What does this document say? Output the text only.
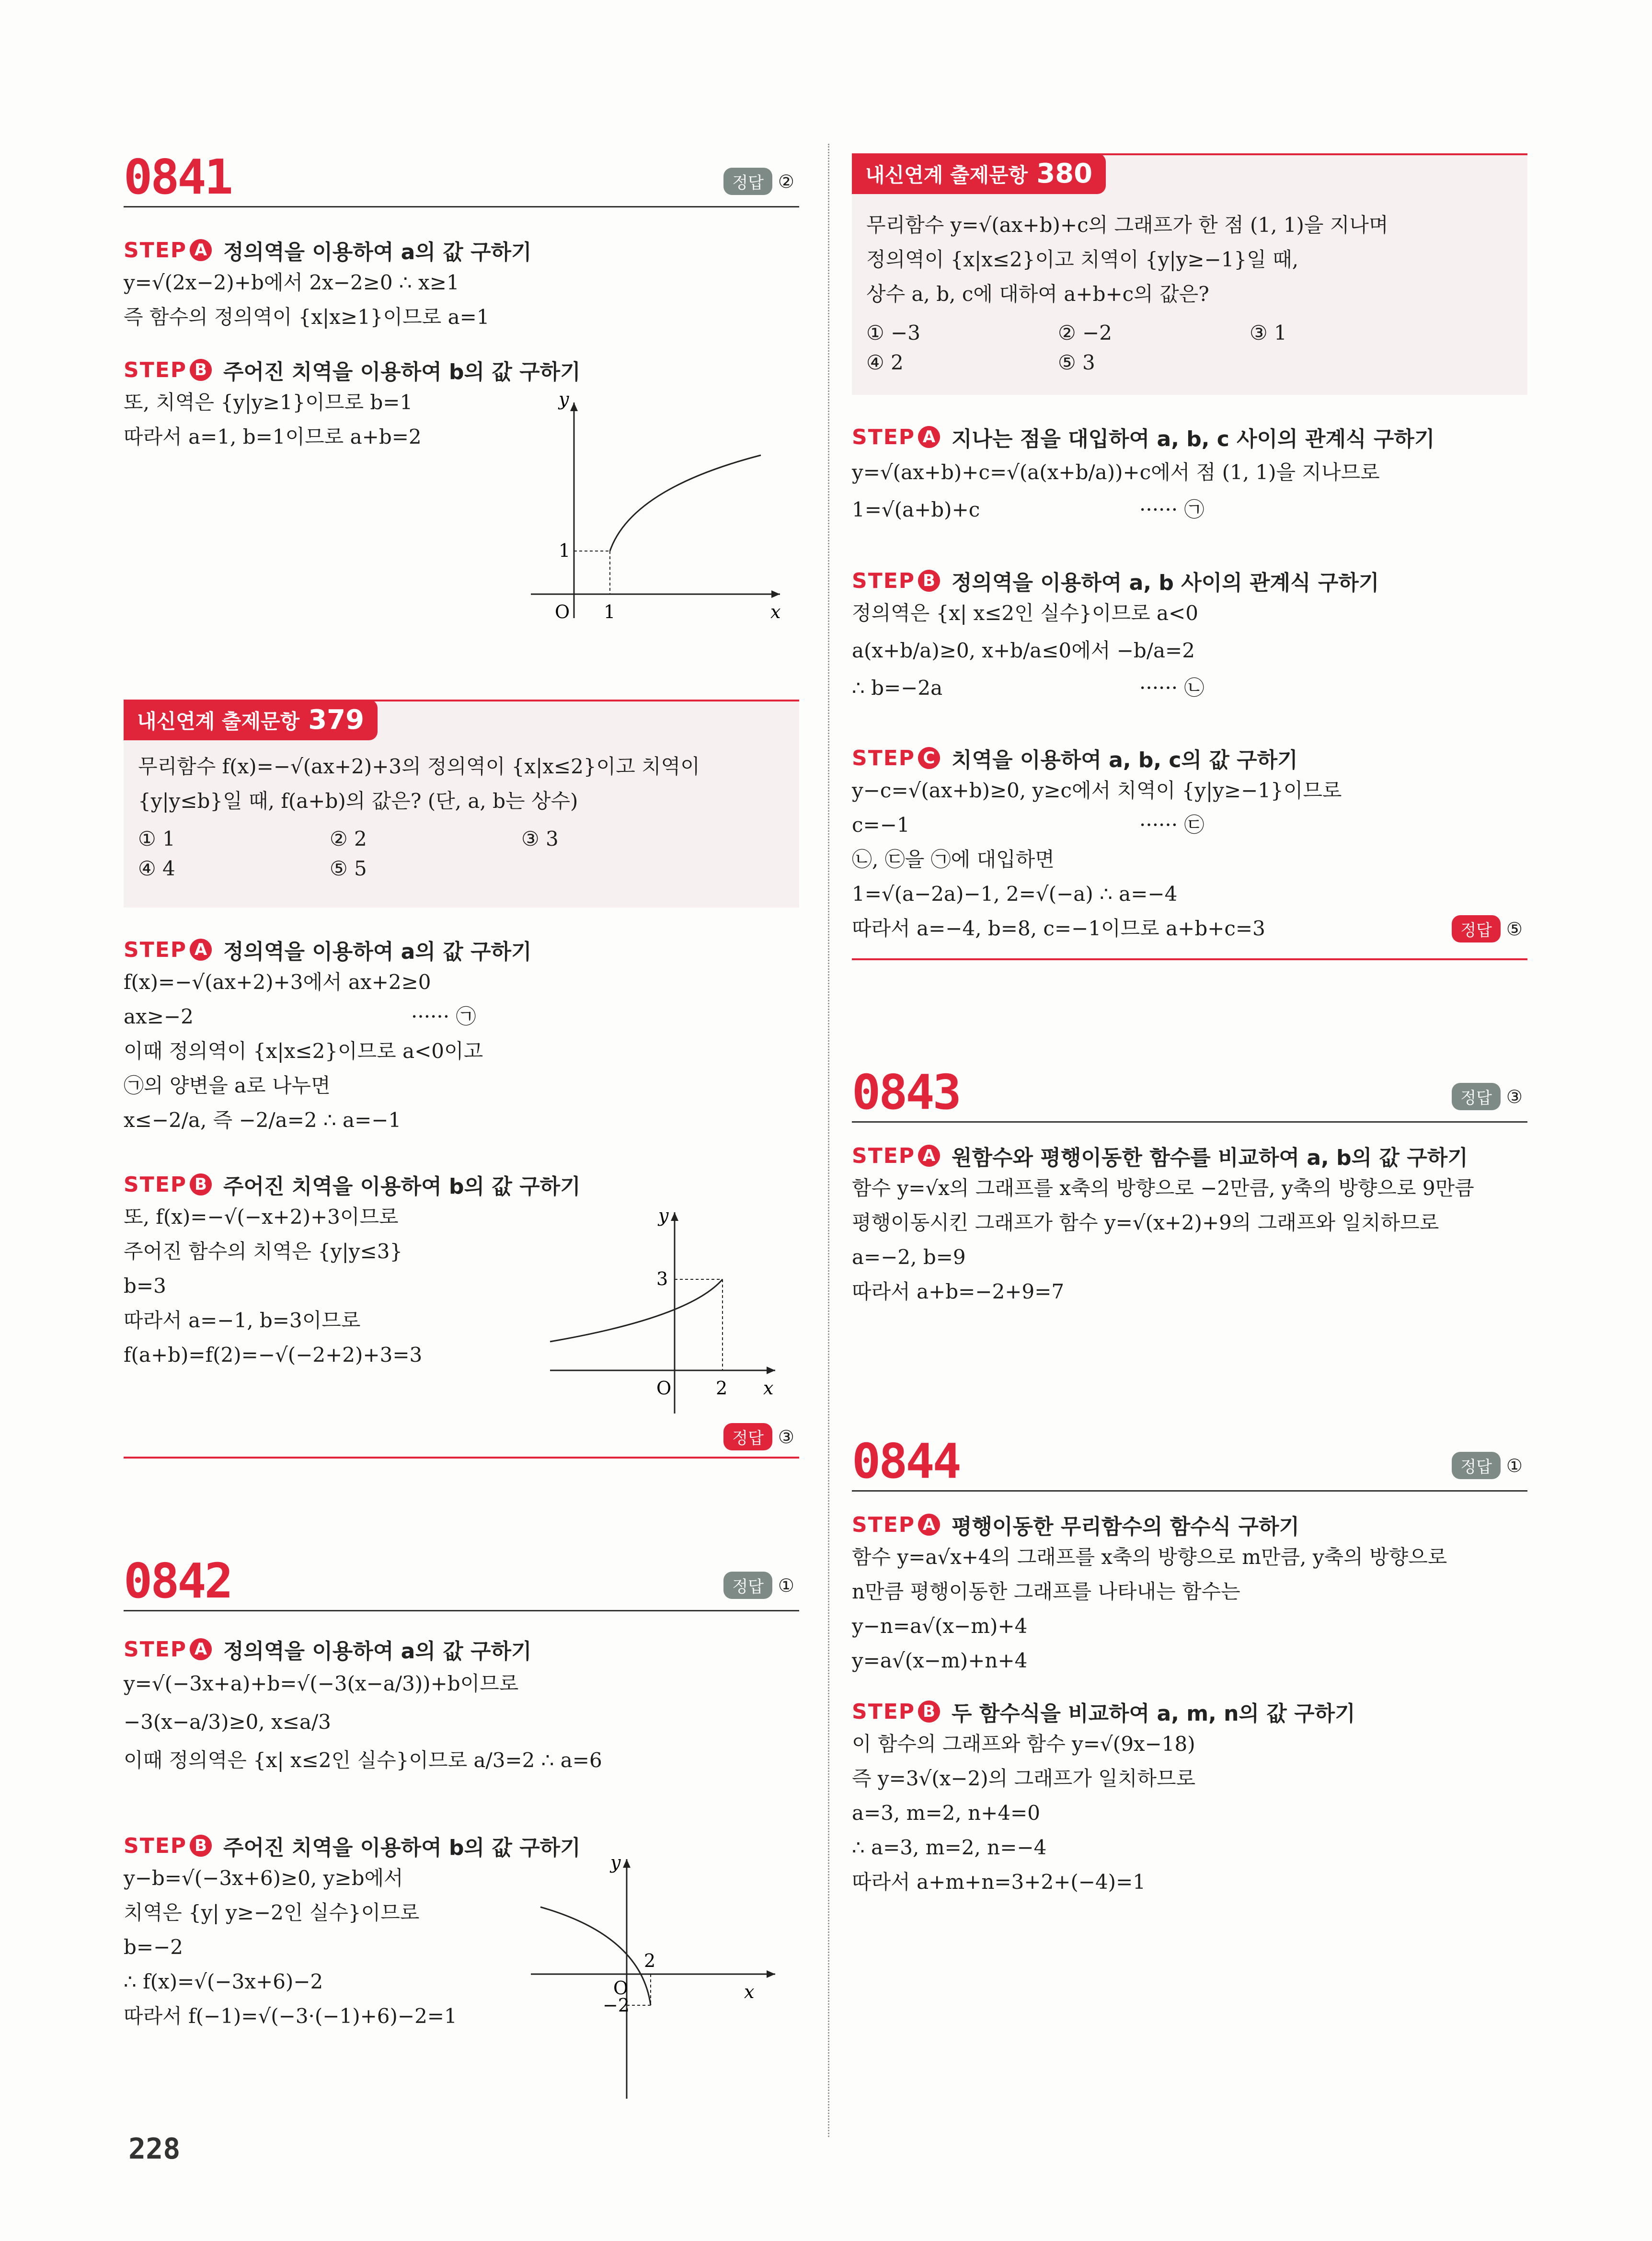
0841	정답 ②
STEP A 정의역을 이용하여 a의 값 구하기
y=√(2x−2)+b에서 2x−2≥0 ∴ x≥1
즉 함수의 정의역이 {x|x≥1}이므로 a=1
STEP B 주어진 치역을 이용하여 b의 값 구하기
또, 치역은 {y|y≥1}이므로 b=1
따라서 a=1, b=1이므로 a+b=2
y
x
O 1
1
내신연계 출제문항 379
무리함수 f(x)=−√(ax+2)+3의 정의역이 {x|x≤2}이고 치역이
{y|y≤b}일 때, f(a+b)의 값은? (단, a, b는 상수)
① 1	② 2	③ 3
④ 4	⑤ 5
STEP A 정의역을 이용하여 a의 값 구하기
f(x)=−√(ax+2)+3에서 ax+2≥0
ax≥−2	······ ㉠
이때 정의역이 {x|x≤2}이므로 a<0이고
㉠의 양변을 a로 나누면
x≤−2/a, 즉 −2/a=2 ∴ a=−1
STEP B 주어진 치역을 이용하여 b의 값 구하기
또, f(x)=−√(−x+2)+3이므로
주어진 함수의 치역은 {y|y≤3}
b=3
따라서 a=−1, b=3이므로
f(a+b)=f(2)=−√(−2+2)+3=3
y
x
O 2
3
정답 ③
0842	정답 ①
STEP A 정의역을 이용하여 a의 값 구하기
y=√(−3x+a)+b=√(−3(x−a/3))+b이므로
−3(x−a/3)≥0, x≤a/3
이때 정의역은 {x| x≤2인 실수}이므로 a/3=2 ∴ a=6
STEP B 주어진 치역을 이용하여 b의 값 구하기
y−b=√(−3x+6)≥0, y≥b에서
치역은 {y| y≥−2인 실수}이므로
b=−2
∴ f(x)=√(−3x+6)−2
따라서 f(−1)=√(−3·(−1)+6)−2=1
y
x
O
2
−2
내신연계 출제문항 380
무리함수 y=√(ax+b)+c의 그래프가 한 점 (1, 1)을 지나며
정의역이 {x|x≤2}이고 치역이 {y|y≥−1}일 때,
상수 a, b, c에 대하여 a+b+c의 값은?
① −3	② −2	③ 1
④ 2	⑤ 3
STEP A 지나는 점을 대입하여 a, b, c 사이의 관계식 구하기
y=√(ax+b)+c=√(a(x+b/a))+c에서 점 (1, 1)을 지나므로
1=√(a+b)+c	······ ㉠
STEP B 정의역을 이용하여 a, b 사이의 관계식 구하기
정의역은 {x| x≤2인 실수}이므로 a<0
a(x+b/a)≥0, x+b/a≤0에서 −b/a=2
∴ b=−2a	······ ㉡
STEP C 치역을 이용하여 a, b, c의 값 구하기
y−c=√(ax+b)≥0, y≥c에서 치역이 {y|y≥−1}이므로
c=−1	······ ㉢
㉡, ㉢을 ㉠에 대입하면
1=√(a−2a)−1, 2=√(−a) ∴ a=−4
따라서 a=−4, b=8, c=−1이므로 a+b+c=3	정답 ⑤
0843	정답 ③
STEP A 원함수와 평행이동한 함수를 비교하여 a, b의 값 구하기
함수 y=√x의 그래프를 x축의 방향으로 −2만큼, y축의 방향으로 9만큼
평행이동시킨 그래프가 함수 y=√(x+2)+9의 그래프와 일치하므로
a=−2, b=9
따라서 a+b=−2+9=7
0844	정답 ①
STEP A 평행이동한 무리함수의 함수식 구하기
함수 y=a√x+4의 그래프를 x축의 방향으로 m만큼, y축의 방향으로
n만큼 평행이동한 그래프를 나타내는 함수는
y−n=a√(x−m)+4
y=a√(x−m)+n+4
STEP B 두 함수식을 비교하여 a, m, n의 값 구하기
이 함수의 그래프와 함수 y=√(9x−18)
즉 y=3√(x−2)의 그래프가 일치하므로
a=3, m=2, n+4=0
∴ a=3, m=2, n=−4
따라서 a+m+n=3+2+(−4)=1
228
